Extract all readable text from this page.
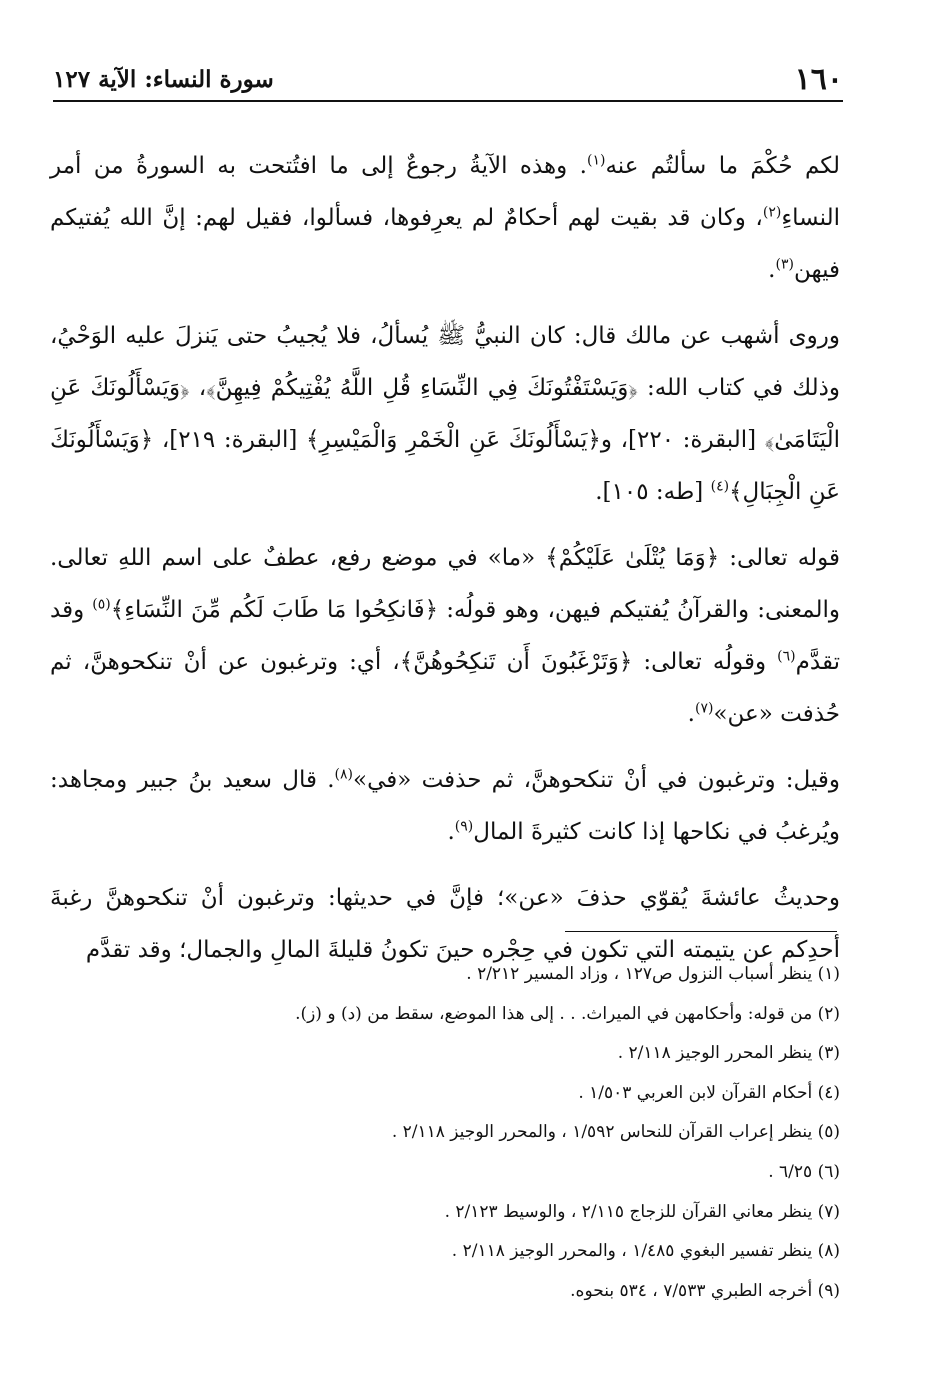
١٦٠
سورة النساء: الآية ١٢٧

لكم حُكْمَ ما سألتُم عنه$^{(١)}$. وهذه الآيةُ رجوعٌ إلى ما افتُتحت به السورةُ من أمر النساءِ$^{(٢)}$، وكان قد بقيت لهم أحكامٌ لم يعرِفوها، فسألوا، فقيل لهم: إنَّ الله يُفتيكم فيهن$^{(٣)}$.

وروى أشهب عن مالك قال: كان النبيُّ ﷺ يُسألُ، فلا يُجيبُ حتى يَنزلَ عليه الوَحْيُ، وذلك في كتاب الله: ﴿وَيَسْتَفْتُونَكَ فِي النِّسَاءِ قُلِ اللَّهُ يُفْتِيكُمْ فِيهِنَّ﴾، ﴿وَيَسْأَلُونَكَ عَنِ الْيَتَامَىٰ﴾ [البقرة: ٢٢٠]، و﴿يَسْأَلُونَكَ عَنِ الْخَمْرِ وَالْمَيْسِرِ﴾ [البقرة: ٢١٩]، ﴿وَيَسْأَلُونَكَ عَنِ الْجِبَالِ﴾$^{(٤)}$ [طه: ١٠٥].

قوله تعالى: ﴿وَمَا يُتْلَىٰ عَلَيْكُمْ﴾ «ما» في موضع رفع، عطفٌ على اسم اللهِ تعالى. والمعنى: والقرآنُ يُفتيكم فيهن، وهو قولُه: ﴿فَانكِحُوا مَا طَابَ لَكُم مِّنَ النِّسَاءِ﴾$^{(٥)}$ وقد تقدَّم$^{(٦)}$ وقولُه تعالى: ﴿وَتَرْغَبُونَ أَن تَنكِحُوهُنَّ﴾، أي: وترغبون عن أنْ تنكحوهنَّ، ثم حُذفت «عن»$^{(٧)}$.

وقيل: وترغبون في أنْ تنكحوهنَّ، ثم حذفت «في»$^{(٨)}$. قال سعيد بنُ جبير ومجاهد: ويُرغبُ في نكاحها إذا كانت كثيرةَ المال$^{(٩)}$.

وحديثُ عائشةَ يُقوّي حذفَ «عن»؛ فإنَّ في حديثها: وترغبون أنْ تنكحوهنَّ رغبةَ أحدِكم عن يتيمته التي تكون في حِجْره حينَ تكونُ قليلةَ المالِ والجمال؛ وقد تقدَّم

(١) ينظر أسباب النزول ص١٢٧ ، وزاد المسير ٢/٢١٢ .
(٢) من قوله: وأحكامهن في الميراث. . . إلى هذا الموضع، سقط من (د) و (ز).
(٣) ينظر المحرر الوجيز ٢/١١٨ .
(٤) أحكام القرآن لابن العربي ١/٥٠٣ .
(٥) ينظر إعراب القرآن للنحاس ١/٥٩٢ ، والمحرر الوجيز ٢/١١٨ .
(٦) ٦/٢٥ .
(٧) ينظر معاني القرآن للزجاج ٢/١١٥ ، والوسيط ٢/١٢٣ .
(٨) ينظر تفسير البغوي ١/٤٨٥ ، والمحرر الوجيز ٢/١١٨ .
(٩) أخرجه الطبري ٧/٥٣٣ ، ٥٣٤ بنحوه.
